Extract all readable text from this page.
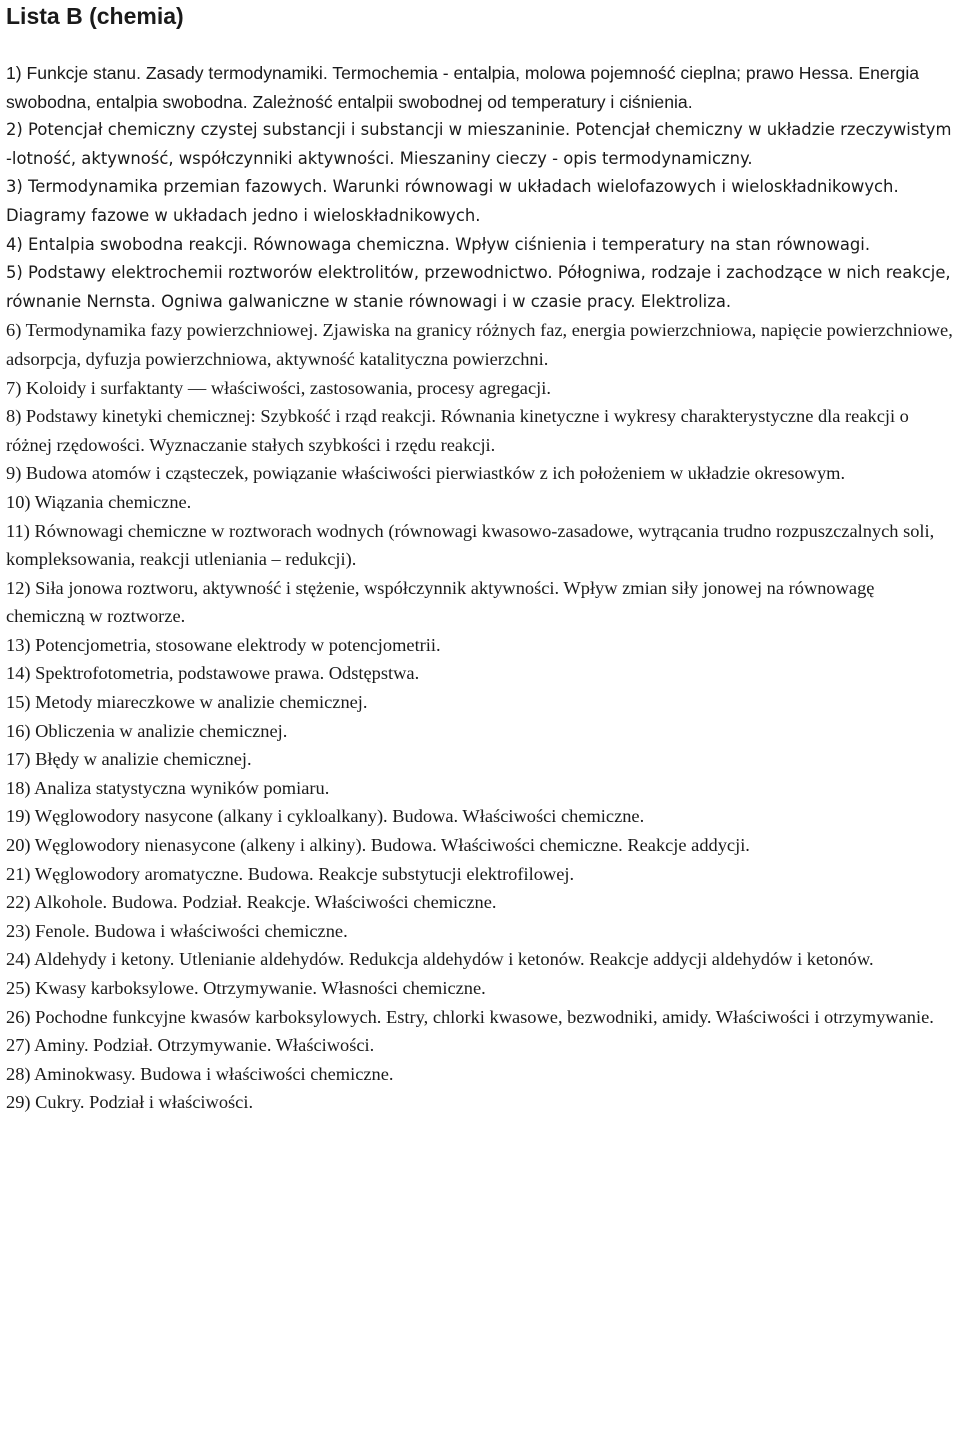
Lista B (chemia)
1) Funkcje stanu. Zasady termodynamiki. Termochemia - entalpia, molowa pojemność cieplna; prawo Hessa. Energia swobodna, entalpia swobodna. Zależność entalpii swobodnej od temperatury i ciśnienia.
2) Potencjał chemiczny czystej substancji i substancji w mieszaninie. Potencjał chemiczny w układzie rzeczywistym -lotność, aktywność, współczynniki aktywności. Mieszaniny cieczy - opis termodynamiczny.
3) Termodynamika przemian fazowych. Warunki równowagi w układach wielofazowych i wieloskładnikowych. Diagramy fazowe w układach jedno i wieloskładnikowych.
4) Entalpia swobodna reakcji. Równowaga chemiczna. Wpływ ciśnienia i temperatury na stan równowagi.
5) Podstawy elektrochemii roztworów elektrolitów, przewodnictwo. Półogniwa, rodzaje i zachodzące w nich reakcje, równanie Nernsta. Ogniwa galwaniczne w stanie równowagi i w czasie pracy. Elektroliza.
6) Termodynamika fazy powierzchniowej. Zjawiska na granicy różnych faz, energia powierzchniowa, napięcie powierzchniowe, adsorpcja, dyfuzja powierzchniowa, aktywność katalityczna powierzchni.
7) Koloidy i surfaktanty — właściwości, zastosowania, procesy agregacji.
8) Podstawy kinetyki chemicznej: Szybkość i rząd reakcji. Równania kinetyczne i wykresy charakterystyczne dla reakcji o różnej rzędowości. Wyznaczanie stałych szybkości i rzędu reakcji.
9) Budowa atomów i cząsteczek, powiązanie właściwości pierwiastków z ich położeniem w układzie okresowym.
10) Wiązania chemiczne.
11) Równowagi chemiczne w roztworach wodnych (równowagi kwasowo-zasadowe, wytrącania trudno rozpuszczalnych soli, kompleksowania, reakcji utleniania – redukcji).
12) Siła jonowa roztworu, aktywność i stężenie, współczynnik aktywności. Wpływ zmian siły jonowej na równowagę chemiczną w roztworze.
13) Potencjometria, stosowane elektrody w potencjometrii.
14) Spektrofotometria, podstawowe prawa. Odstępstwa.
15) Metody miareczkowe w analizie chemicznej.
16) Obliczenia w analizie chemicznej.
17) Błędy w analizie chemicznej.
18) Analiza statystyczna wyników pomiaru.
19) Węglowodory nasycone (alkany i cykloalkany). Budowa. Właściwości chemiczne.
20) Węglowodory nienasycone (alkeny i alkiny). Budowa. Właściwości chemiczne. Reakcje addycji.
21) Węglowodory aromatyczne. Budowa. Reakcje substytucji elektrofilowej.
22) Alkohole. Budowa. Podział. Reakcje. Właściwości chemiczne.
23) Fenole. Budowa i właściwości chemiczne.
24) Aldehydy i ketony. Utlenianie aldehydów. Redukcja aldehydów i ketonów. Reakcje addycji aldehydów i ketonów.
25) Kwasy karboksylowe. Otrzymywanie. Własności chemiczne.
26) Pochodne funkcyjne kwasów karboksylowych. Estry, chlorki kwasowe, bezwodniki, amidy. Właściwości i otrzymywanie.
27) Aminy. Podział. Otrzymywanie. Właściwości.
28) Aminokwasy. Budowa i właściwości chemiczne.
29) Cukry. Podział i właściwości.
